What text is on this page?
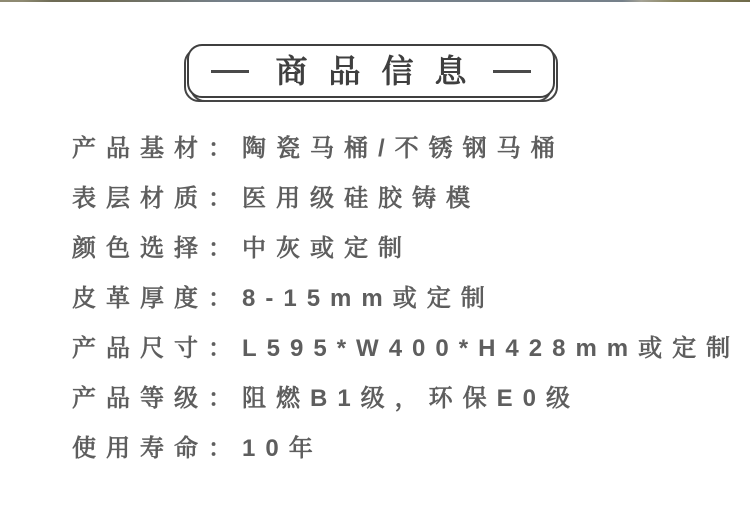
商品信息
产品基材：陶瓷马桶/不锈钢马桶
表层材质：医用级硅胶铸模
颜色选择：中灰或定制
皮革厚度：8-15mm或定制
产品尺寸：L595*W400*H428mm或定制
产品等级：阻燃B1级，环保E0级
使用寿命：10年
